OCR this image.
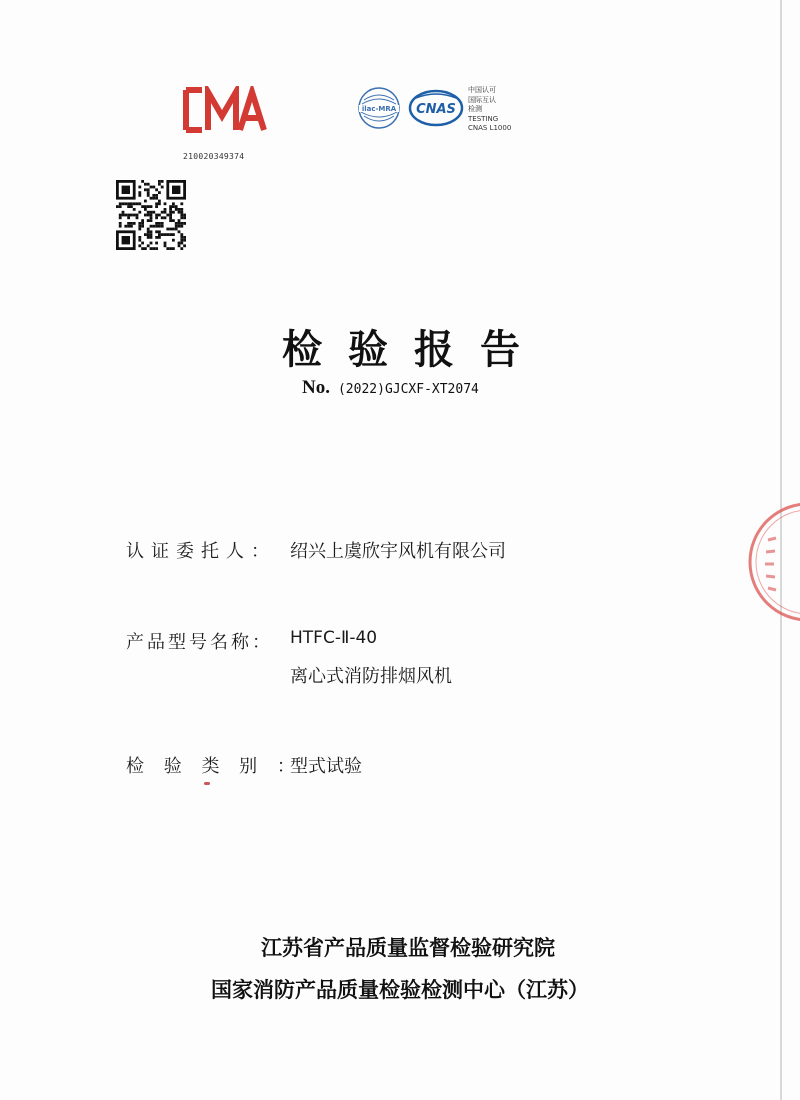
210020349374
ilac-MRA CNAS
中国认可
国际互认
检测
TESTING
CNAS L1000
检验报告
No. (2022)GJCXF-XT2074
认证委托人： 绍兴上虞欣宇风机有限公司
产品型号名称： HTFC-Ⅱ-40
离心式消防排烟风机
检 验 类 别 ：
型式试验
江苏省产品质量监督检验研究院
国家消防产品质量检验检测中心（江苏）
